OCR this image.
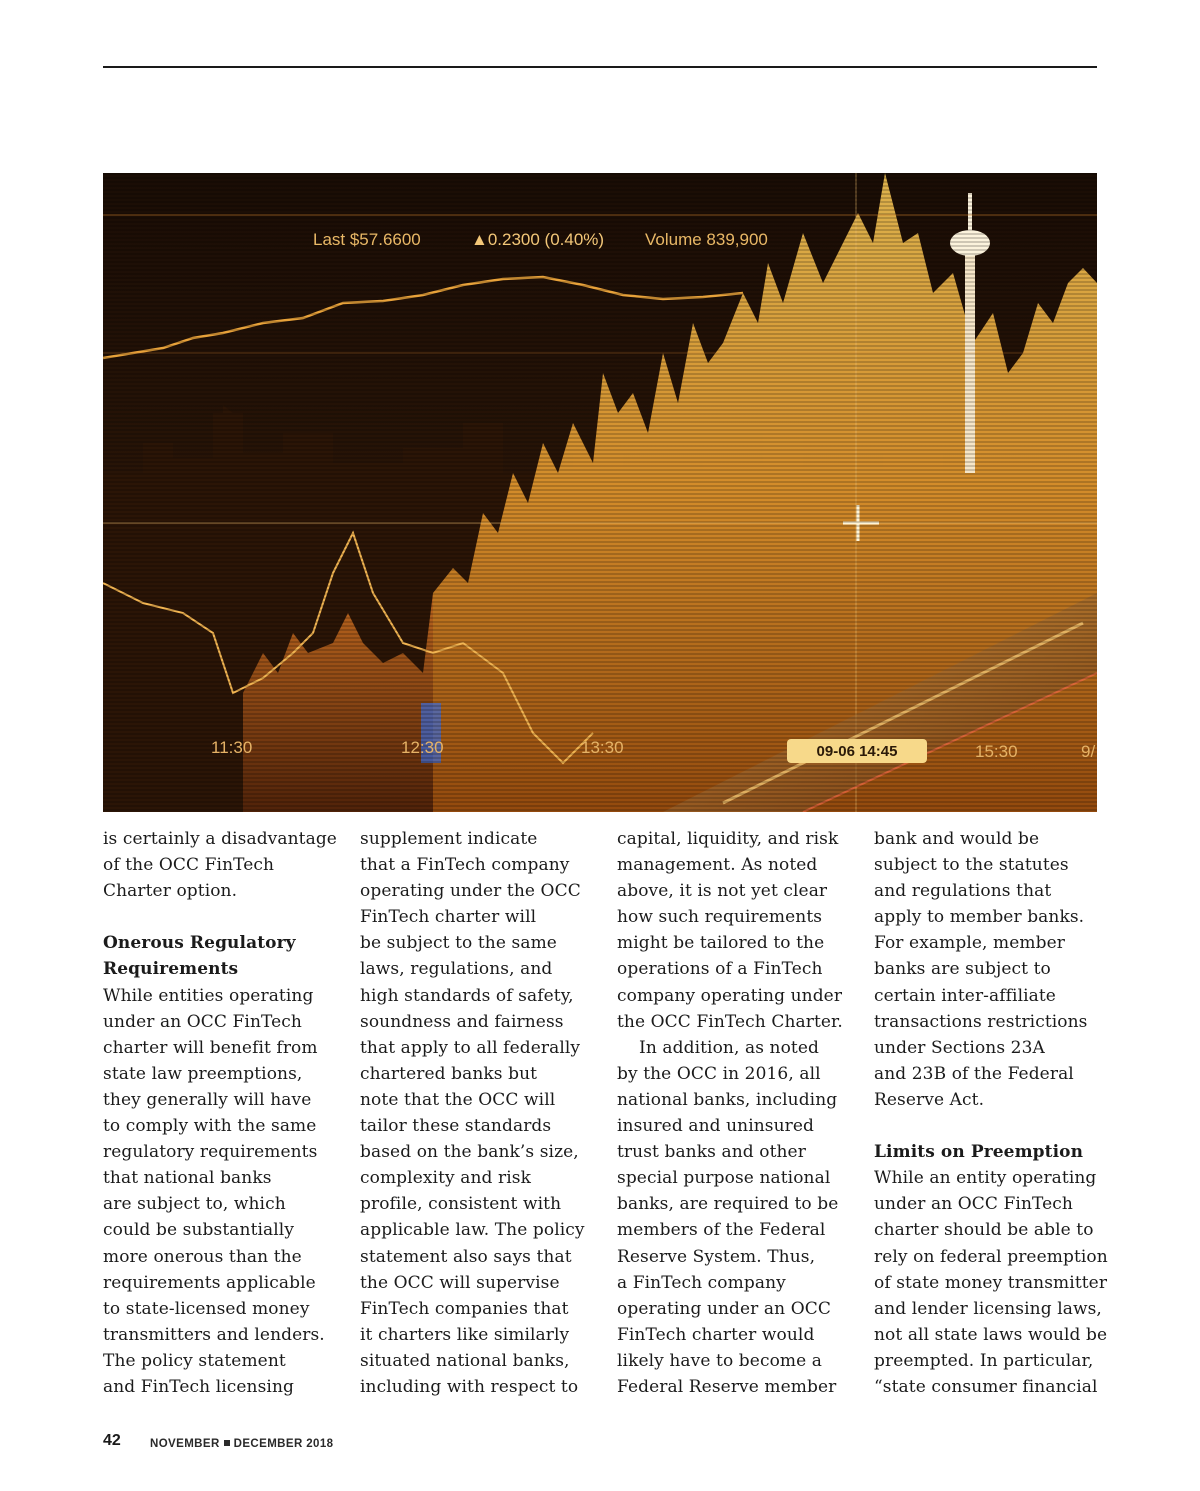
Last $57.6600	▲0.2300 (0.40%) Volume 839,900
11:30	12:30	13:30	15:30	9/
09-06 14:45

is certainly a disadvantage

of the OCC FinTech

Charter option.

Onerous Regulatory

Requirements

While entities operating

under an OCC FinTech

charter will benefit from

state law preemptions,

they generally will have

to comply with the same

regulatory requirements

that national banks

are subject to, which

could be substantially

more onerous than the

requirements applicable

to state-licensed money

transmitters and lenders.

The policy statement

and FinTech licensing

supplement indicate

that a FinTech company

operating under the OCC

FinTech charter will

be subject to the same

laws, regulations, and

high standards of safety,

soundness and fairness

that apply to all federally

chartered banks but

note that the OCC will

tailor these standards

based on the bank’s size,

complexity and risk

profile, consistent with

applicable law. The policy

statement also says that

the OCC will supervise

FinTech companies that

it charters like similarly

situated national banks,

including with respect to

capital, liquidity, and risk

management. As noted

above, it is not yet clear

how such requirements

might be tailored to the

operations of a FinTech

company operating under

the OCC FinTech Charter.

In addition, as noted

by the OCC in 2016, all

national banks, including

insured and uninsured

trust banks and other

special purpose national

banks, are required to be

members of the Federal

Reserve System. Thus,

a FinTech company

operating under an OCC

FinTech charter would

likely have to become a

Federal Reserve member

bank and would be

subject to the statutes

and regulations that

apply to member banks.

For example, member

banks are subject to

certain inter-affiliate

transactions restrictions

under Sections 23A

and 23B of the Federal

Reserve Act.

Limits on Preemption

While an entity operating

under an OCC FinTech

charter should be able to

rely on federal preemption

of state money transmitter

and lender licensing laws,

not all state laws would be

preempted. In particular,

“state consumer financial

42	NOVEMBER DECEMBER 2018
